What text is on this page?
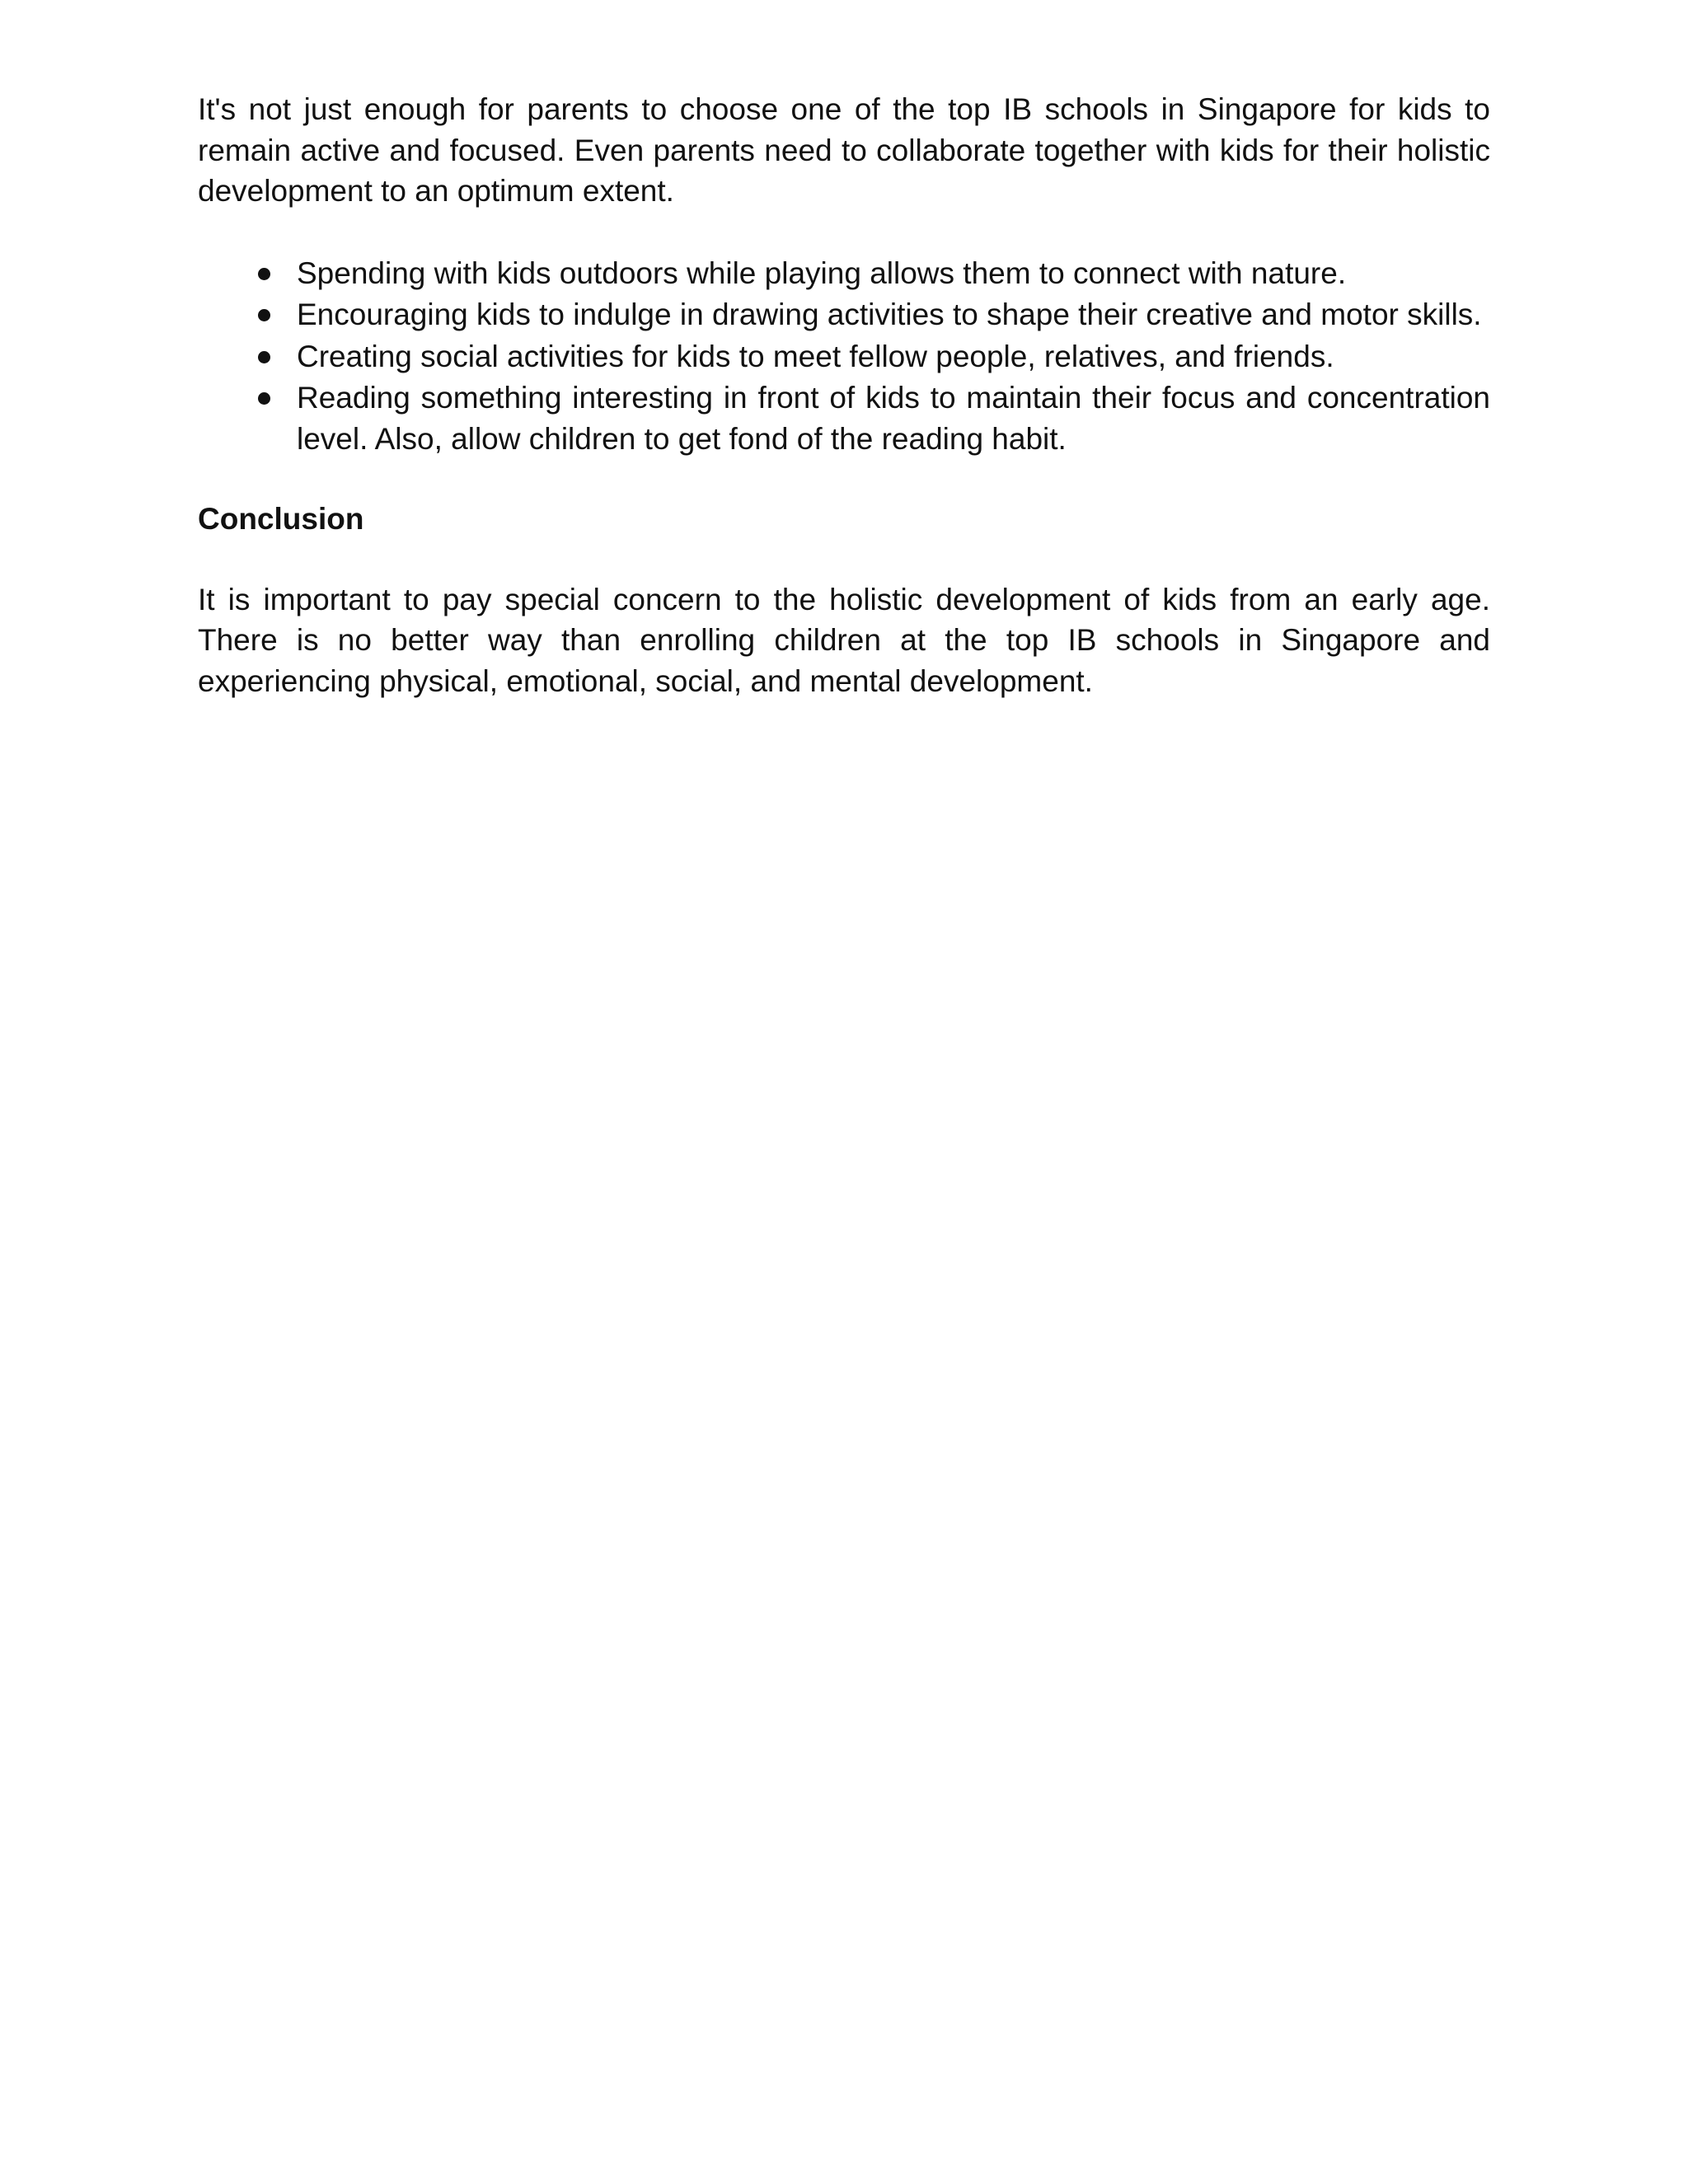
It's not just enough for parents to choose one of the top IB schools in Singapore for kids to remain active and focused. Even parents need to collaborate together with kids for their holistic development to an optimum extent.

Spending with kids outdoors while playing allows them to connect with nature.
Encouraging kids to indulge in drawing activities to shape their creative and motor skills.
Creating social activities for kids to meet fellow people, relatives, and friends.
Reading something interesting in front of kids to maintain their focus and concentration level. Also, allow children to get fond of the reading habit.

Conclusion

It is important to pay special concern to the holistic development of kids from an early age. There is no better way than enrolling children at the top IB schools in Singapore and experiencing physical, emotional, social, and mental development.
